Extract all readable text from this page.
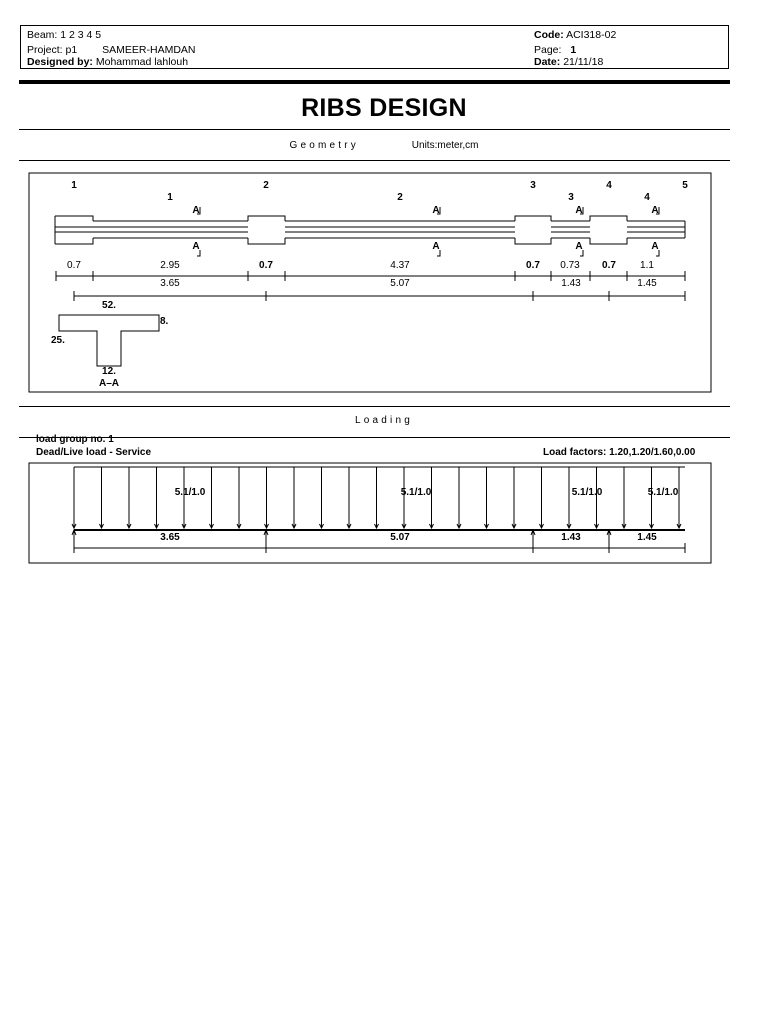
Beam: 1 2 3 4 5
Project: p1 SAMEER-HAMDAN
Designed by: Mohammad lahlouh
Code: ACI318-02
Page: 1
Date: 21/11/18
RIBS DESIGN
Geometry	Units:meter,cm
1	2	3	4	5
1	2	3	4
A
A
A
A
A
A
A
A
0.7	2.95	0.7	4.37	0.7 0.73 0.7 1.1
3.65	5.07	1.43	1.45
52.
8.
25.
12.
A–A
Loading
load group no. 1
Dead/Live load - Service	Load factors: 1.20,1.20/1.60,0.00
5.1/1.0	5.1/1.0	5.1/1.0	5.1/1.0
3.65	5.07	1.43	1.45
